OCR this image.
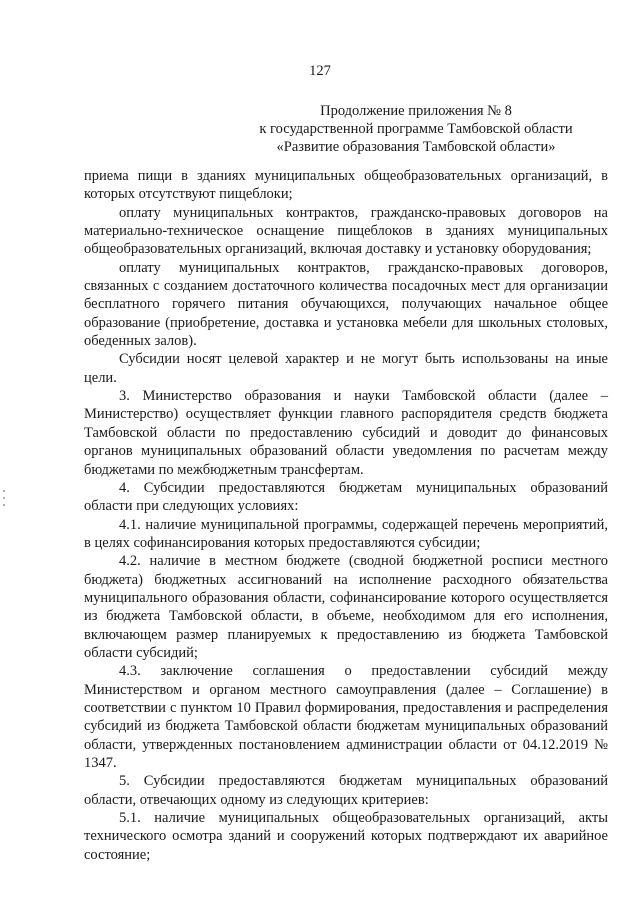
127
Продолжение приложения № 8
к государственной программе Тамбовской области
«Развитие образования Тамбовской области»

приема пищи в зданиях муниципальных общеобразовательных организаций, в которых отсутствуют пищеблоки;

оплату муниципальных контрактов, гражданско-правовых договоров на материально-техническое оснащение пищеблоков в зданиях муниципальных общеобразовательных организаций, включая доставку и установку оборудования;

оплату муниципальных контрактов, гражданско-правовых договоров, связанных с созданием достаточного количества посадочных мест для организации бесплатного горячего питания обучающихся, получающих начальное общее образование (приобретение, доставка и установка мебели для школьных столовых, обеденных залов).

Субсидии носят целевой характер и не могут быть использованы на иные цели.

3. Министерство образования и науки Тамбовской области (далее – Министерство) осуществляет функции главного распорядителя средств бюджета Тамбовской области по предоставлению субсидий и доводит до финансовых органов муниципальных образований области уведомления по расчетам между бюджетами по межбюджетным трансфертам.

4. Субсидии предоставляются бюджетам муниципальных образований области при следующих условиях:

4.1. наличие муниципальной программы, содержащей перечень мероприятий, в целях софинансирования которых предоставляются субсидии;

4.2. наличие в местном бюджете (сводной бюджетной росписи местного бюджета) бюджетных ассигнований на исполнение расходного обязательства муниципального образования области, софинансирование которого осуществляется из бюджета Тамбовской области, в объеме, необходимом для его исполнения, включающем размер планируемых к предоставлению из бюджета Тамбовской области субсидий;

4.3. заключение соглашения о предоставлении субсидий между Министерством и органом местного самоуправления (далее – Соглашение) в соответствии с пунктом 10 Правил формирования, предоставления и распределения субсидий из бюджета Тамбовской области бюджетам муниципальных образований области, утвержденных постановлением администрации области от 04.12.2019 № 1347.

5. Субсидии предоставляются бюджетам муниципальных образований области, отвечающих одному из следующих критериев:

5.1. наличие муниципальных общеобразовательных организаций, акты технического осмотра зданий и сооружений которых подтверждают их аварийное состояние;
